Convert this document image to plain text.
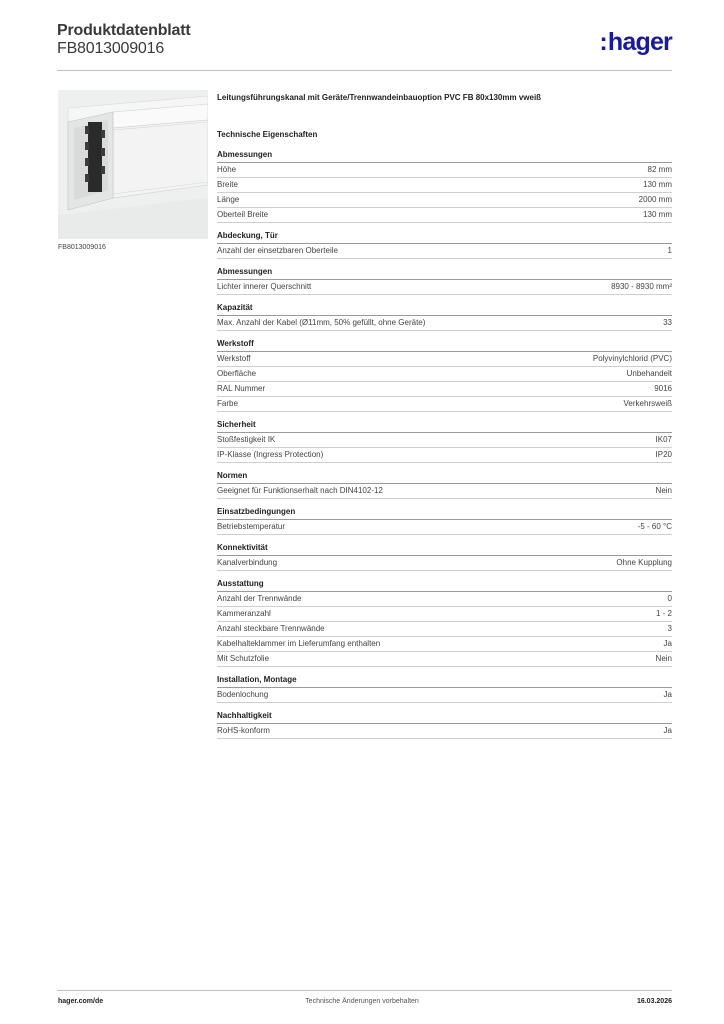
Produktdatenblatt
FB8013009016	:hager
FB8013009016
Leitungsführungskanal mit Geräte/Trennwandeinbauoption PVC FB 80x130mm vweiß
Technische Eigenschaften
Abmessungen
Höhe	82 mm
Breite	130 mm
Länge	2000 mm
Oberteil Breite	130 mm
Abdeckung, Tür
Anzahl der einsetzbaren Oberteile	1
Abmessungen
Lichter innerer Querschnitt	8930 - 8930 mm²
Kapazität
Max. Anzahl der Kabel (Ø11mm, 50% gefüllt, ohne Geräte)	33
Werkstoff
Werkstoff	Polyvinylchlorid (PVC)
Oberfläche	Unbehandelt
RAL Nummer	9016
Farbe	Verkehrsweiß
Sicherheit
Stoßfestigkeit IK	IK07
IP-Klasse (Ingress Protection)	IP20
Normen
Geeignet für Funktionserhalt nach DIN4102-12	Nein
Einsatzbedingungen
Betriebstemperatur	-5 - 60 °C
Konnektivität
Kanalverbindung	Ohne Kupplung
Ausstattung
Anzahl der Trennwände	0
Kammeranzahl	1 - 2
Anzahl steckbare Trennwände	3
Kabelhalteklammer im Lieferumfang enthalten	Ja
Mit Schutzfolie	Nein
Installation, Montage
Bodenlochung	Ja
Nachhaltigkeit
RoHS-konform	Ja
hager.com/de	Technische Änderungen vorbehalten	16.03.2026
